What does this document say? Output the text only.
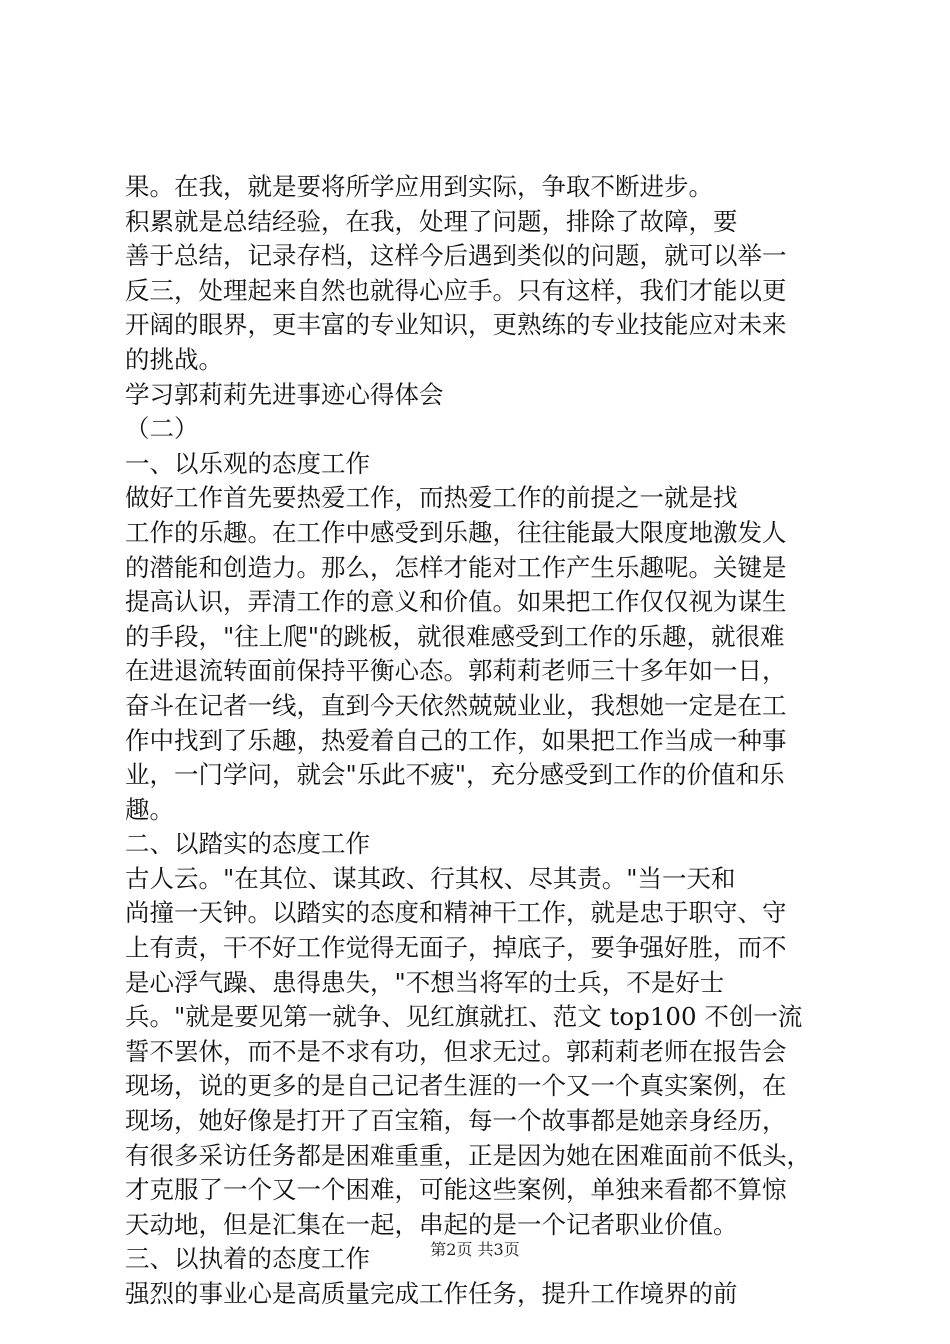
果。在我，就是要将所学应用到实际，争取不断进步。
积累就是总结经验，在我，处理了问题，排除了故障，要
善于总结，记录存档，这样今后遇到类似的问题，就可以举一
反三，处理起来自然也就得心应手。只有这样，我们才能以更
开阔的眼界，更丰富的专业知识，更熟练的专业技能应对未来
的挑战。
学习郭莉莉先进事迹心得体会
（二）
一、以乐观的态度工作
做好工作首先要热爱工作，而热爱工作的前提之一就是找
工作的乐趣。在工作中感受到乐趣，往往能最大限度地激发人
的潜能和创造力。那么，怎样才能对工作产生乐趣呢。关键是
提高认识，弄清工作的意义和价值。如果把工作仅仅视为谋生
的手段，"往上爬"的跳板，就很难感受到工作的乐趣，就很难
在进退流转面前保持平衡心态。郭莉莉老师三十多年如一日，
奋斗在记者一线，直到今天依然兢兢业业，我想她一定是在工
作中找到了乐趣，热爱着自己的工作，如果把工作当成一种事
业，一门学问，就会"乐此不疲"，充分感受到工作的价值和乐
趣。
二、以踏实的态度工作
古人云。"在其位、谋其政、行其权、尽其责。"当一天和
尚撞一天钟。以踏实的态度和精神干工作，就是忠于职守、守
上有责，干不好工作觉得无面子，掉底子，要争强好胜，而不
是心浮气躁、患得患失，"不想当将军的士兵，不是好士
兵。"就是要见第一就争、见红旗就扛、范文 top100 不创一流
誓不罢休，而不是不求有功，但求无过。郭莉莉老师在报告会
现场，说的更多的是自己记者生涯的一个又一个真实案例，在
现场，她好像是打开了百宝箱，每一个故事都是她亲身经历，
有很多采访任务都是困难重重，正是因为她在困难面前不低头，
才克服了一个又一个困难，可能这些案例，单独来看都不算惊
天动地，但是汇集在一起，串起的是一个记者职业价值。
三、以执着的态度工作
强烈的事业心是高质量完成工作任务，提升工作境界的前
第2页 共3页
